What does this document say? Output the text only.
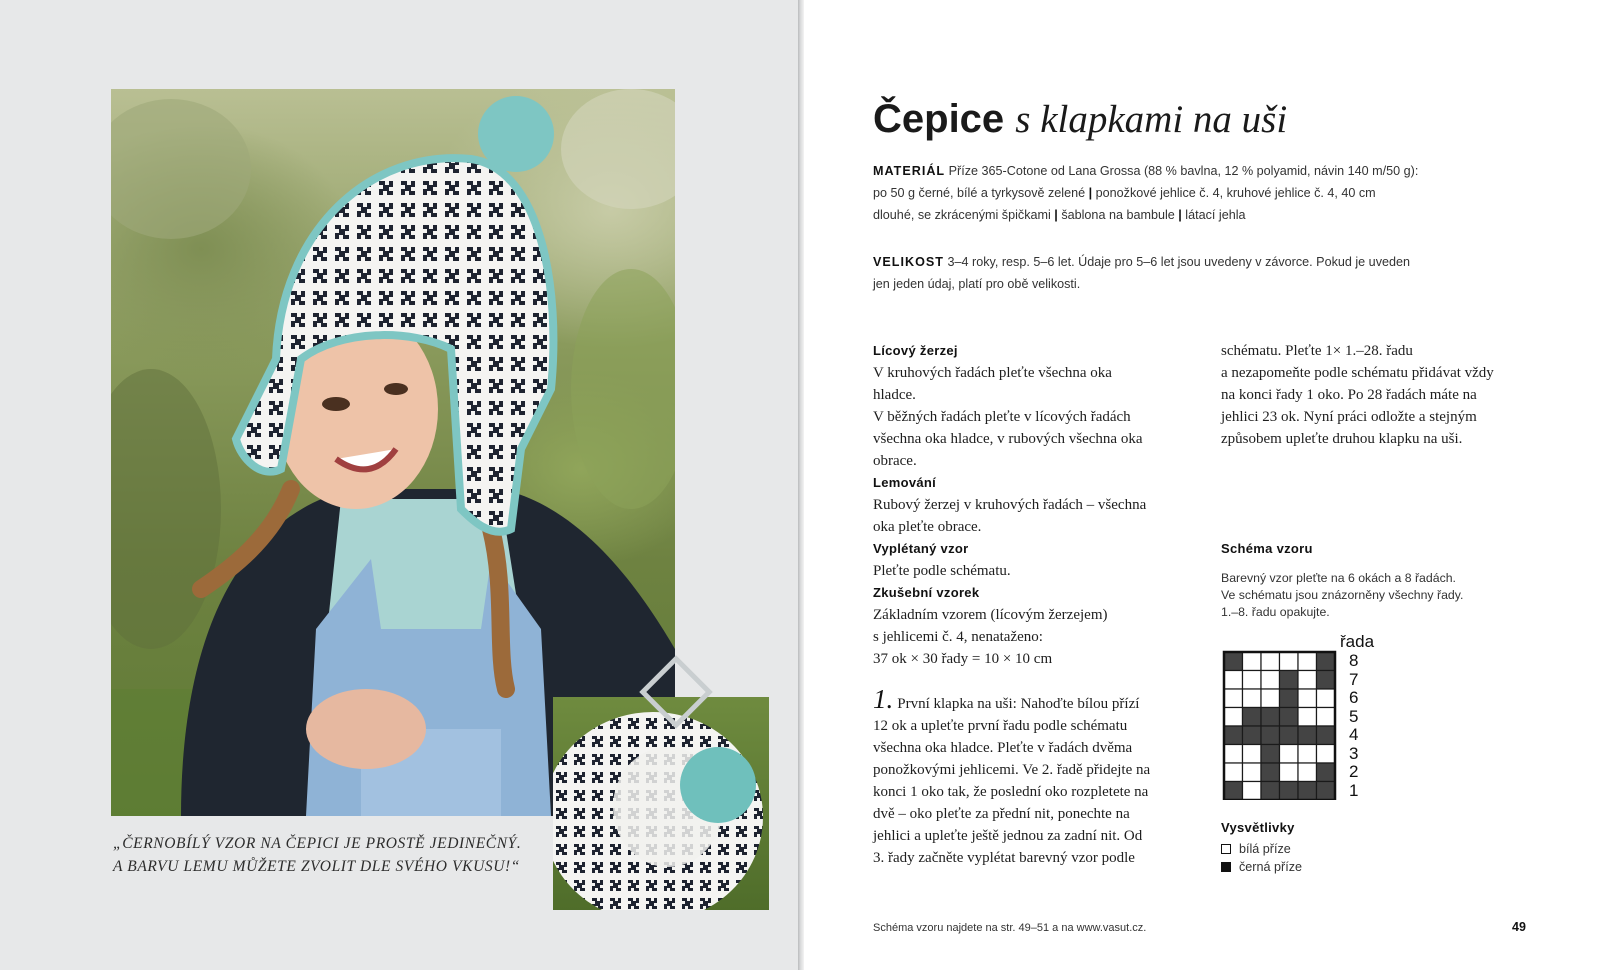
„ČERNOBÍLÝ VZOR NA ČEPICI JE PROSTĚ JEDINEČNÝ.
A BARVU LEMU MŮŽETE ZVOLIT DLE SVÉHO VKUSU!“
Čepice s klapkami na uši
MATERIÁL Příze 365-Cotone od Lana Grossa (88 % bavlna, 12 % polyamid, návin 140 m/50 g):
po 50 g černé, bílé a tyrkysově zelené | ponožkové jehlice č. 4, kruhové jehlice č. 4, 40 cm
dlouhé, se zkrácenými špičkami | šablona na bambule | látací jehla
VELIKOST 3–4 roky, resp. 5–6 let. Údaje pro 5–6 let jsou uvedeny v závorce. Pokud je uveden
jen jeden údaj, platí pro obě velikosti.
Lícový žerzej
V kruhových řadách pleťte všechna oka
hladce.
V běžných řadách pleťte v lícových řadách
všechna oka hladce, v rubových všechna oka
obrace.
Lemování
Rubový žerzej v kruhových řadách – všechna
oka pleťte obrace.
Vyplétaný vzor
Pleťte podle schématu.
Zkušební vzorek
Základním vzorem (lícovým žerzejem)
s jehlicemi č. 4, nenataženo:
37 ok × 30 řady = 10 × 10 cm
1. První klapka na uši: Nahoďte bílou přízí
12 ok a upleťte první řadu podle schématu
všechna oka hladce. Pleťte v řadách dvěma
ponožkovými jehlicemi. Ve 2. řadě přidejte na
konci 1 oko tak, že poslední oko rozpletete na
dvě – oko pleťte za přední nit, ponechte na
jehlici a upleťte ještě jednou za zadní nit. Od
3. řady začněte vyplétat barevný vzor podle
schématu. Pleťte 1× 1.–28. řadu
a nezapomeňte podle schématu přidávat vždy
na konci řady 1 oko. Po 28 řadách máte na
jehlici 23 ok. Nyní práci odložte a stejným
způsobem upleťte druhou klapku na uši.
Schéma vzoru
Barevný vzor pleťte na 6 okách a 8 řadách.
Ve schématu jsou znázorněny všechny řady.
1.–8. řadu opakujte.
řada
8
7
6
5
4
3
2
1
Vysvětlivky
bílá příze
černá příze
Schéma vzoru najdete na str. 49–51 a na www.vasut.cz.	49
